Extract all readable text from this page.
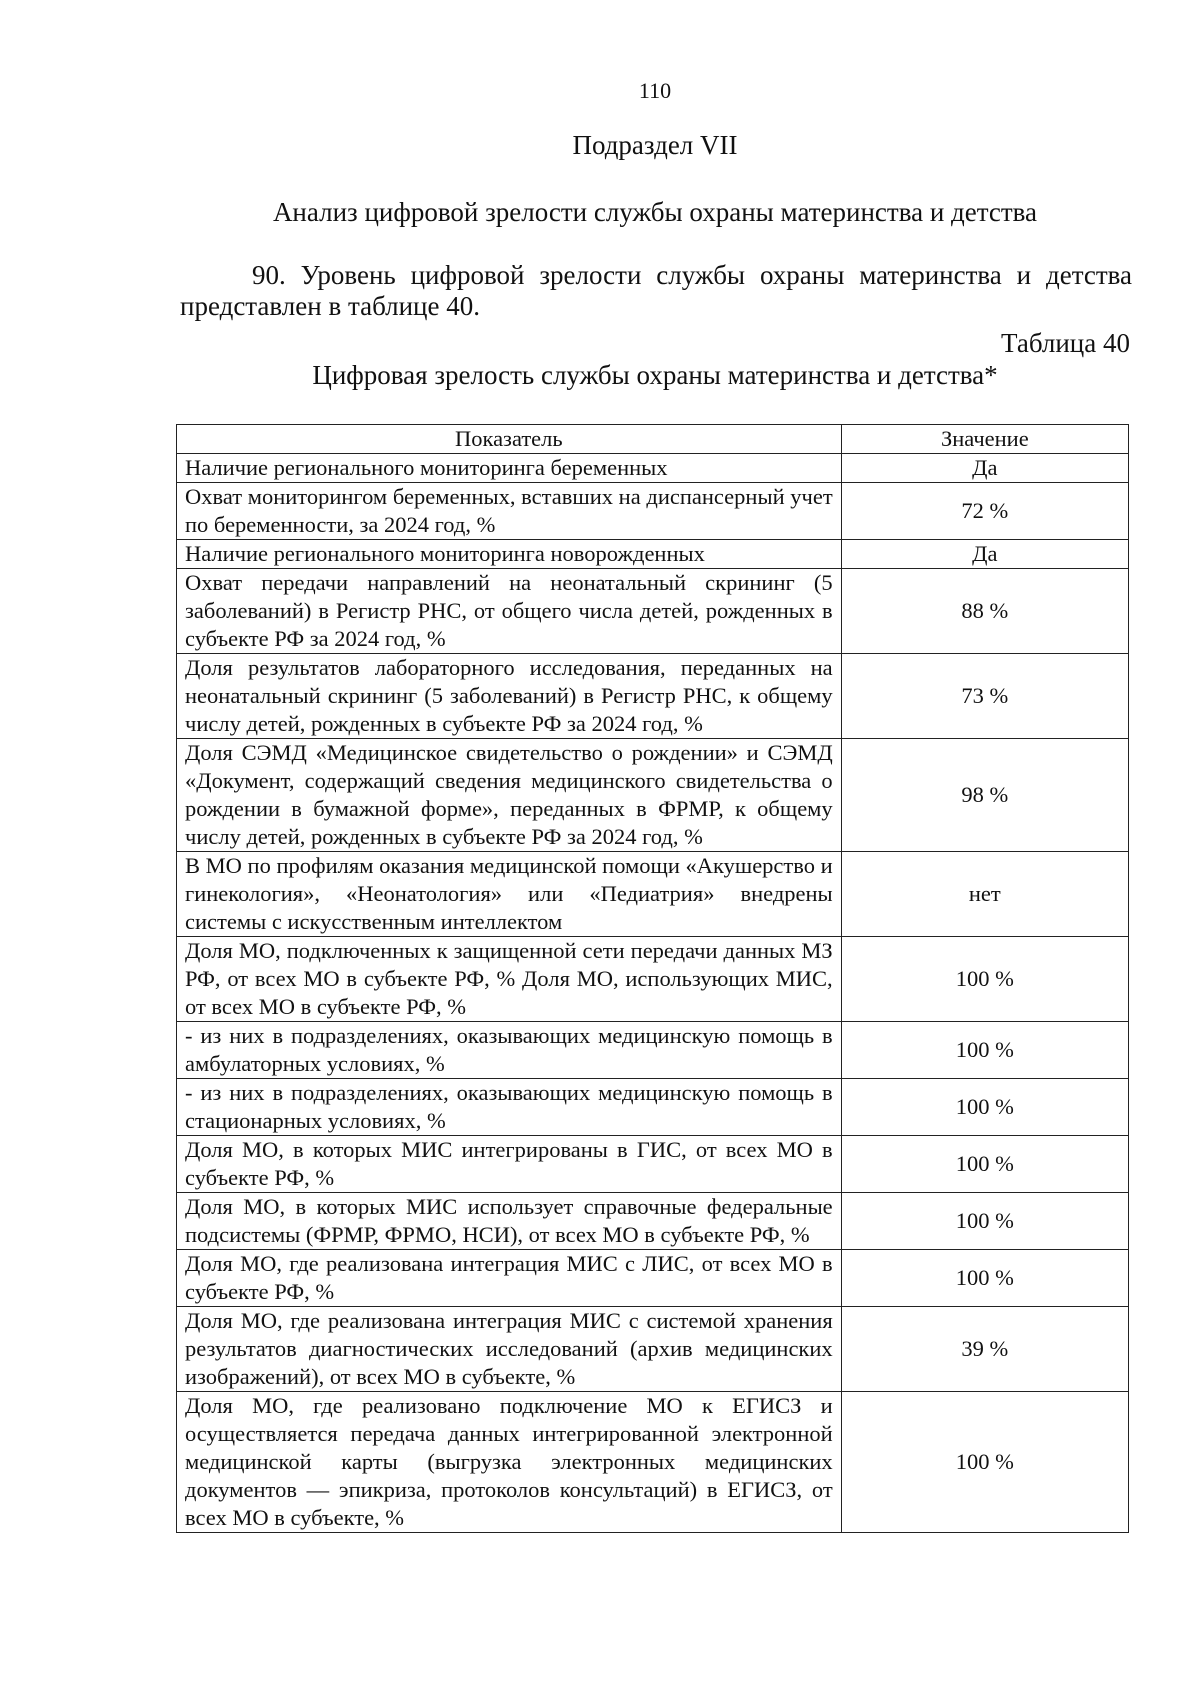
110
Подраздел VII
Анализ цифровой зрелости службы охраны материнства и детства
90. Уровень цифровой зрелости службы охраны материнства и детства представлен в таблице 40.
Таблица 40
Цифровая зрелость службы охраны материнства и детства*
Показатель	Значение
Наличие регионального мониторинга беременных	Да
Охват мониторингом беременных, вставших на диспансерный учет по беременности, за 2024 год, %	72 %
Наличие регионального мониторинга новорожденных	Да
Охват передачи направлений на неонатальный скрининг (5 заболеваний) в Регистр РНС, от общего числа детей, рожденных в субъекте РФ за 2024 год, %	88 %
Доля результатов лабораторного исследования, переданных на неонатальный скрининг (5 заболеваний) в Регистр РНС, к общему числу детей, рожденных в субъекте РФ за 2024 год, %	73 %
Доля СЭМД «Медицинское свидетельство о рождении» и СЭМД «Документ, содержащий сведения медицинского свидетельства о рождении в бумажной форме», переданных в ФРМР, к общему числу детей, рожденных в субъекте РФ за 2024 год, %	98 %
В МО по профилям оказания медицинской помощи «Акушерство и гинекология», «Неонатология» или «Педиатрия» внедрены системы с искусственным интеллектом	нет
Доля МО, подключенных к защищенной сети передачи данных МЗ РФ, от всех МО в субъекте РФ, % Доля МО, использующих МИС, от всех МО в субъекте РФ, %	100 %
- из них в подразделениях, оказывающих медицинскую помощь в амбулаторных условиях, %	100 %
- из них в подразделениях, оказывающих медицинскую помощь в стационарных условиях, %	100 %
Доля МО, в которых МИС интегрированы в ГИС, от всех МО в субъекте РФ, %	100 %
Доля МО, в которых МИС использует справочные федеральные подсистемы (ФРМР, ФРМО, НСИ), от всех МО в субъекте РФ, %	100 %
Доля МО, где реализована интеграция МИС с ЛИС, от всех МО в субъекте РФ, %	100 %
Доля МО, где реализована интеграция МИС с системой хранения результатов диагностических исследований (архив медицинских изображений), от всех МО в субъекте, %	39 %
Доля МО, где реализовано подключение МО к ЕГИСЗ и осуществляется передача данных интегрированной электронной медицинской карты (выгрузка электронных медицинских документов — эпикриза, протоколов консультаций) в ЕГИСЗ, от всех МО в субъекте, %	100 %
